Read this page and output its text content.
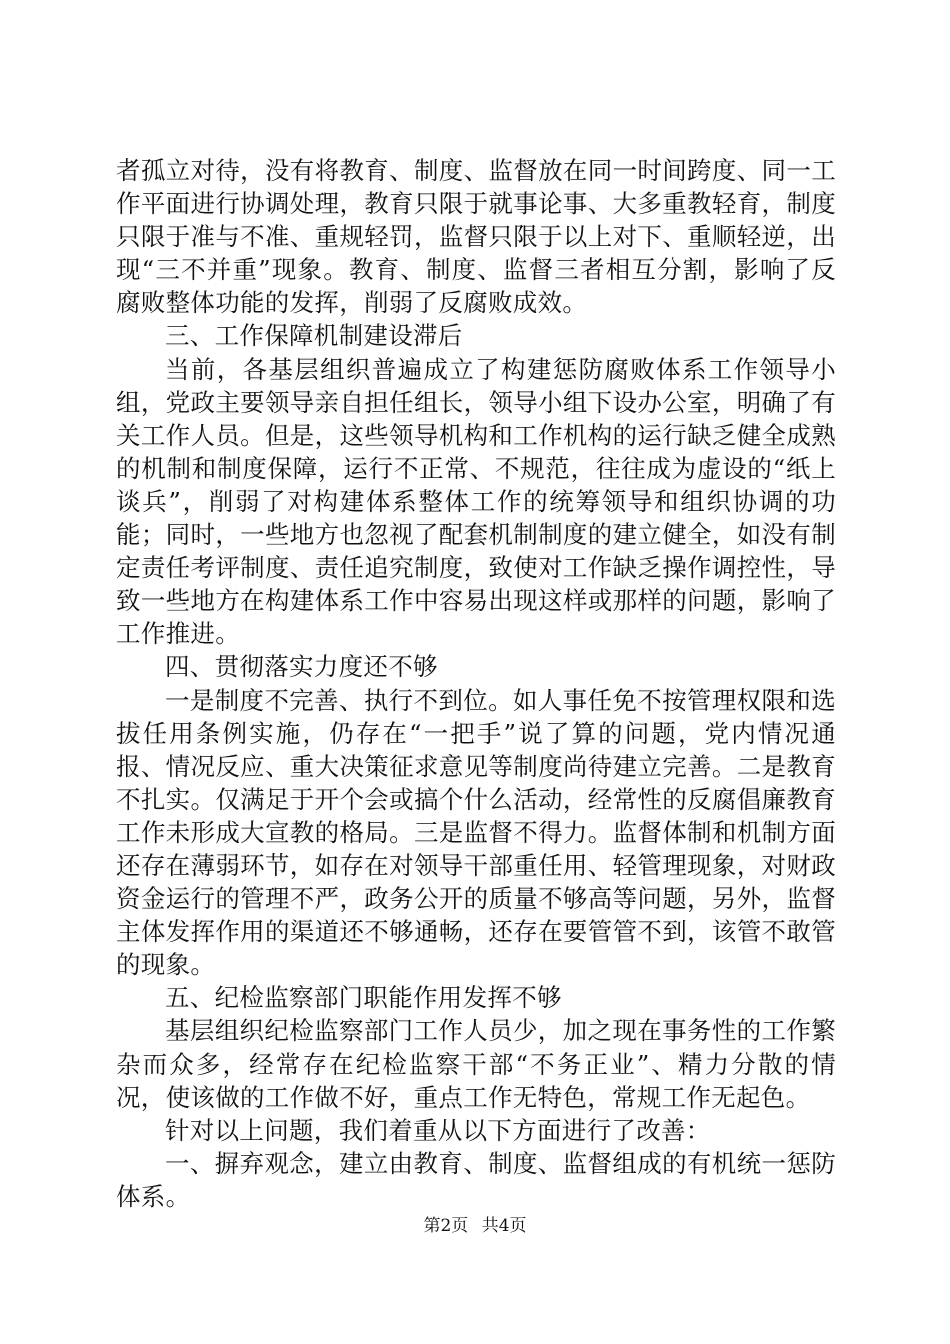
者孤立对待，没有将教育、制度、监督放在同一时间跨度、同一工作平面进行协调处理，教育只限于就事论事、大多重教轻育，制度只限于准与不准、重规轻罚，监督只限于以上对下、重顺轻逆，出现“三不并重”现象。教育、制度、监督三者相互分割，影响了反腐败整体功能的发挥，削弱了反腐败成效。

三、工作保障机制建设滞后

当前，各基层组织普遍成立了构建惩防腐败体系工作领导小组，党政主要领导亲自担任组长，领导小组下设办公室，明确了有关工作人员。但是，这些领导机构和工作机构的运行缺乏健全成熟的机制和制度保障，运行不正常、不规范，往往成为虚设的“纸上谈兵”，削弱了对构建体系整体工作的统筹领导和组织协调的功能；同时，一些地方也忽视了配套机制制度的建立健全，如没有制定责任考评制度、责任追究制度，致使对工作缺乏操作调控性，导致一些地方在构建体系工作中容易出现这样或那样的问题，影响了工作推进。

四、贯彻落实力度还不够

一是制度不完善、执行不到位。如人事任免不按管理权限和选拔任用条例实施，仍存在“一把手”说了算的问题，党内情况通报、情况反应、重大决策征求意见等制度尚待建立完善。二是教育不扎实。仅满足于开个会或搞个什么活动，经常性的反腐倡廉教育工作未形成大宣教的格局。三是监督不得力。监督体制和机制方面还存在薄弱环节，如存在对领导干部重任用、轻管理现象，对财政资金运行的管理不严，政务公开的质量不够高等问题，另外，监督主体发挥作用的渠道还不够通畅，还存在要管管不到，该管不敢管的现象。

五、纪检监察部门职能作用发挥不够

基层组织纪检监察部门工作人员少，加之现在事务性的工作繁杂而众多，经常存在纪检监察干部“不务正业”、精力分散的情况，使该做的工作做不好，重点工作无特色，常规工作无起色。

针对以上问题，我们着重从以下方面进行了改善：

一、摒弃观念，建立由教育、制度、监督组成的有机统一惩防体系。

第2页 共4页
